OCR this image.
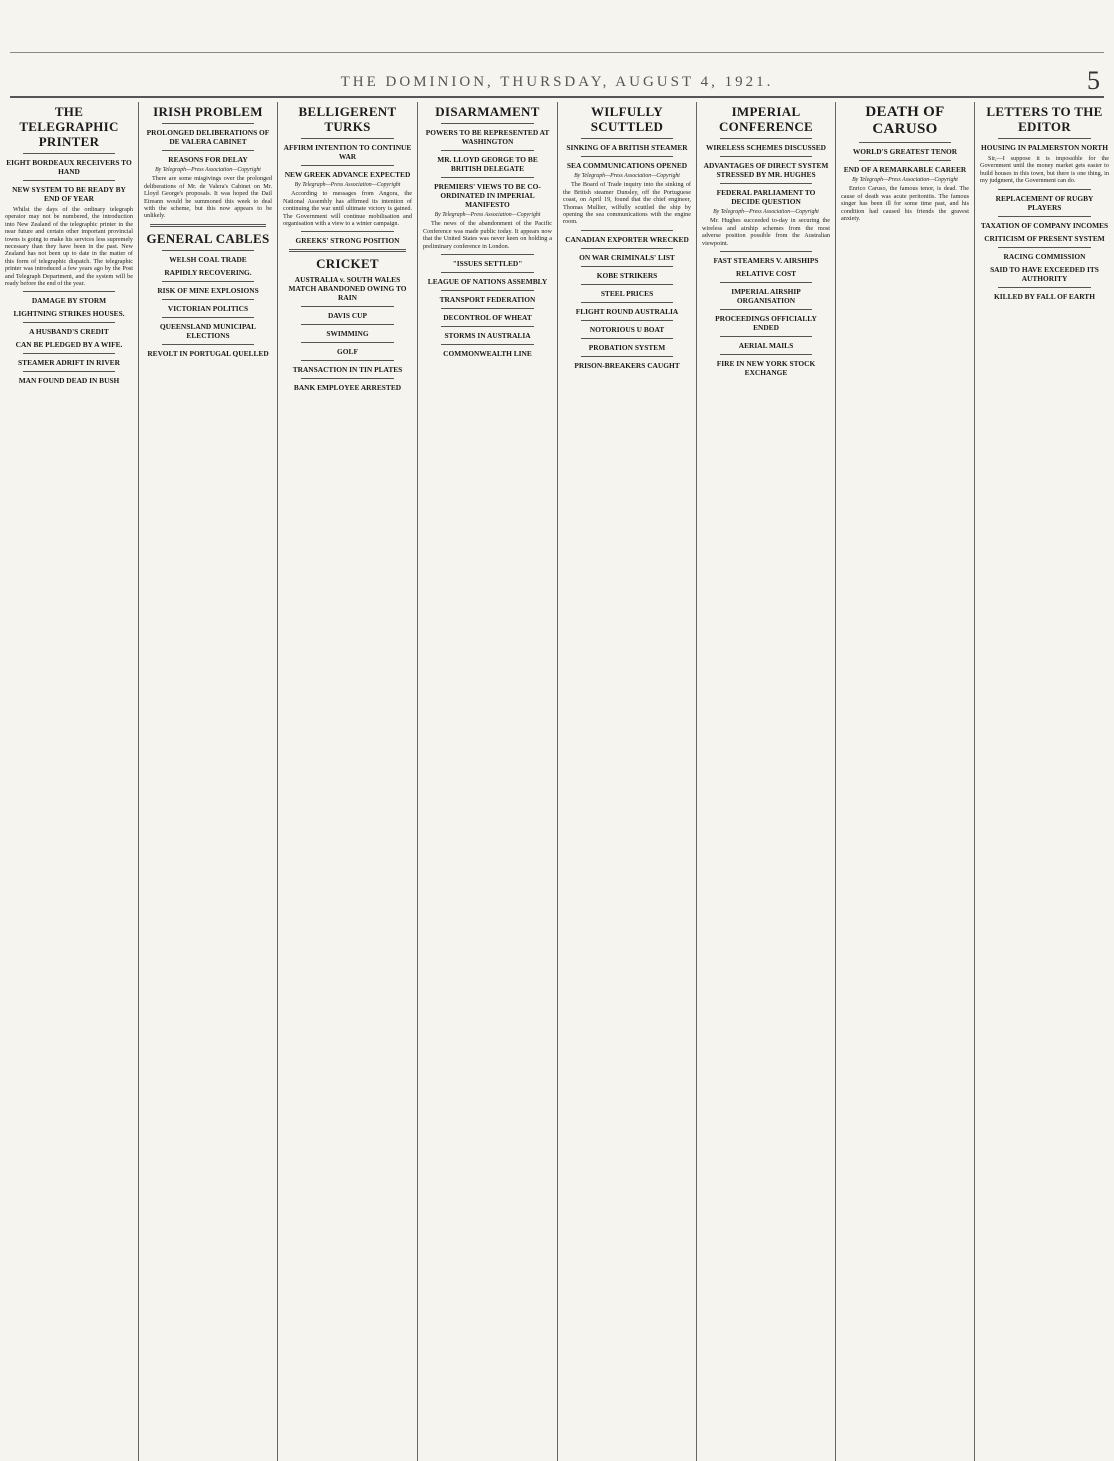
THE DOMINION, THURSDAY, AUGUST 4, 1921.	5
THE TELEGRAPHIC PRINTER
EIGHT BORDEAUX RECEIVERS TO HAND
NEW SYSTEM TO BE READY BY END OF YEAR

Whilst the days of the ordinary telegraph operator may not be numbered, the introduction into New Zealand of the telegraphic printer in the near future and certain other important provincial towns is going to make his services less supremely necessary than they have been in the past. New Zealand has not been up to date in the matter of this form of telegraphic dispatch. The telegraphic printer was introduced a few years ago by the Post and Telegraph Department, and the system will be ready before the end of the year.

DAMAGE BY STORM
LIGHTNING STRIKES HOUSES.
A HUSBAND'S CREDIT
CAN BE PLEDGED BY A WIFE.
STEAMER ADRIFT IN RIVER
MAN FOUND DEAD IN BUSH
IRISH PROBLEM
PROLONGED DELIBERATIONS OF DE VALERA CABINET
REASONS FOR DELAY
By Telegraph—Press Association—Copyright

There are some misgivings over the prolonged deliberations of Mr. de Valera's Cabinet on Mr. Lloyd George's proposals. It was hoped the Dail Eireann would be summoned this week to deal with the scheme, but this now appears to be unlikely.

GENERAL CABLES
WELSH COAL TRADE
RAPIDLY RECOVERING.
RISK OF MINE EXPLOSIONS
VICTORIAN POLITICS
QUEENSLAND MUNICIPAL ELECTIONS
REVOLT IN PORTUGAL QUELLED
BELLIGERENT TURKS
AFFIRM INTENTION TO CONTINUE WAR
NEW GREEK ADVANCE EXPECTED
By Telegraph—Press Association—Copyright

According to messages from Angora, the National Assembly has affirmed its intention of continuing the war until ultimate victory is gained. The Government will continue mobilisation and organisation with a view to a winter campaign.

GREEKS' STRONG POSITION
CRICKET
AUSTRALIA v. SOUTH WALES MATCH ABANDONED OWING TO RAIN
DAVIS CUP
SWIMMING
GOLF
TRANSACTION IN TIN PLATES
BANK EMPLOYEE ARRESTED
DISARMAMENT
POWERS TO BE REPRESENTED AT WASHINGTON
MR. LLOYD GEORGE TO BE BRITISH DELEGATE
PREMIERS' VIEWS TO BE CO-ORDINATED IN IMPERIAL MANIFESTO
By Telegraph—Press Association—Copyright

The news of the abandonment of the Pacific Conference was made public today. It appears now that the United States was never keen on holding a preliminary conference in London.

"ISSUES SETTLED"
LEAGUE OF NATIONS ASSEMBLY
TRANSPORT FEDERATION
DECONTROL OF WHEAT
STORMS IN AUSTRALIA
COMMONWEALTH LINE
WILFULLY SCUTTLED
SINKING OF A BRITISH STEAMER
SEA COMMUNICATIONS OPENED
By Telegraph—Press Association—Copyright

The Board of Trade inquiry into the sinking of the British steamer Dunsley, off the Portuguese coast, on April 19, found that the chief engineer, Thomas Mullier, wilfully scuttled the ship by opening the sea communications with the engine room.

CANADIAN EXPORTER WRECKED
ON WAR CRIMINALS' LIST
KOBE STRIKERS
STEEL PRICES
FLIGHT ROUND AUSTRALIA
NOTORIOUS U BOAT
PROBATION SYSTEM
PRISON-BREAKERS CAUGHT
IMPERIAL CONFERENCE
WIRELESS SCHEMES DISCUSSED
ADVANTAGES OF DIRECT SYSTEM STRESSED BY MR. HUGHES
FEDERAL PARLIAMENT TO DECIDE QUESTION
By Telegraph—Press Association—Copyright

Mr. Hughes succeeded to-day in securing the wireless and airship schemes from the most adverse position possible from the Australian viewpoint.

FAST STEAMERS V. AIRSHIPS
RELATIVE COST
IMPERIAL AIRSHIP ORGANISATION
PROCEEDINGS OFFICIALLY ENDED
AERIAL MAILS
FIRE IN NEW YORK STOCK EXCHANGE
DEATH OF CARUSO
WORLD'S GREATEST TENOR
END OF A REMARKABLE CAREER
By Telegraph—Press Association—Copyright

Enrico Caruso, the famous tenor, is dead. The cause of death was acute peritonitis. The famous singer has been ill for some time past, and his condition had caused his friends the gravest anxiety.

LETTERS TO THE EDITOR
HOUSING IN PALMERSTON NORTH

Sir,—I suppose it is impossible for the Government until the money market gets easier to build houses in this town, but there is one thing, in my judgment, the Government can do.

REPLACEMENT OF RUGBY PLAYERS
TAXATION OF COMPANY INCOMES
CRITICISM OF PRESENT SYSTEM
RACING COMMISSION
SAID TO HAVE EXCEEDED ITS AUTHORITY
KILLED BY FALL OF EARTH
